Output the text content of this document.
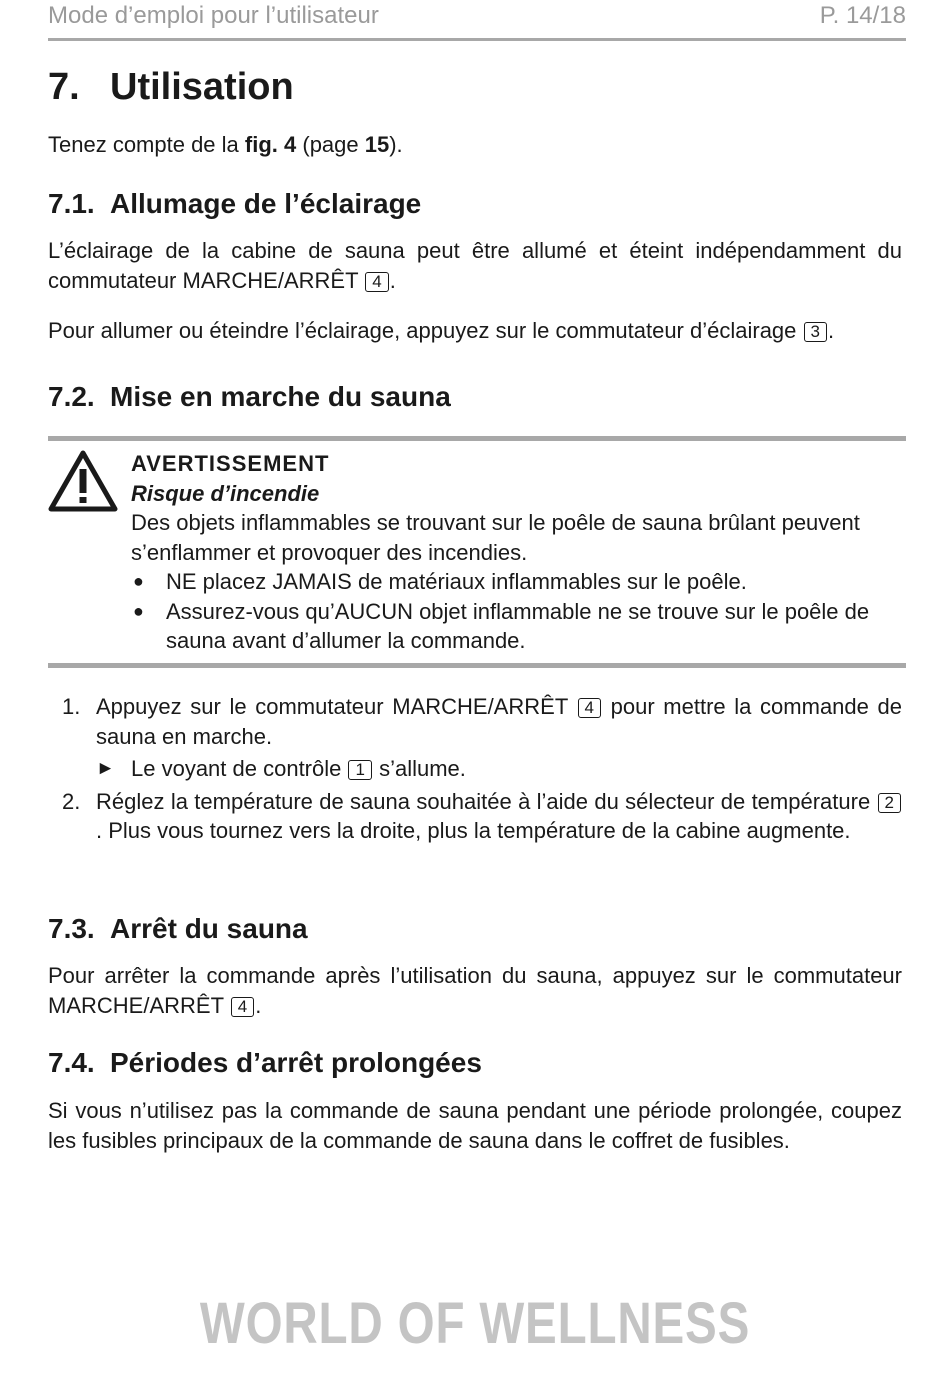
Mode d’emploi pour l’utilisateur	P. 14/18
7. Utilisation

Tenez compte de la fig. 4 (page 15).

7.1. Allumage de l’éclairage

L’éclairage de la cabine de sauna peut être allumé et éteint indépendamment du commutateur MARCHE/ARRÊT 4 .

Pour allumer ou éteindre l’éclairage, appuyez sur le commutateur d’éclairage 3 .

7.2. Mise en marche du sauna
AVERTISSEMENT
Risque d’incendie
Des objets inflammables se trouvant sur le poêle de sauna brûlant peuvent s’enflammer et provoquer des incendies.
● NE placez JAMAIS de matériaux inflammables sur le poêle.
● Assurez-vous qu’AUCUN objet inflammable ne se trouve sur le poêle de sauna avant d’allumer la commande.
1. Appuyez sur le commutateur MARCHE/ARRÊT 4 pour mettre la commande de sauna en marche.
► Le voyant de contrôle 1 s’allume.
2. Réglez la température de sauna souhaitée à l’aide du sélecteur de température 2. Plus vous tournez vers la droite, plus la température de la cabine augmente.
7.3. Arrêt du sauna

Pour arrêter la commande après l’utilisation du sauna, appuyez sur le commutateur MARCHE/ARRÊT 4 .

7.4. Périodes d’arrêt prolongées

Si vous n’utilisez pas la commande de sauna pendant une période prolongée, coupez les fusibles principaux de la commande de sauna dans le coffret de fusibles.

WORLD OF WELLNESS
